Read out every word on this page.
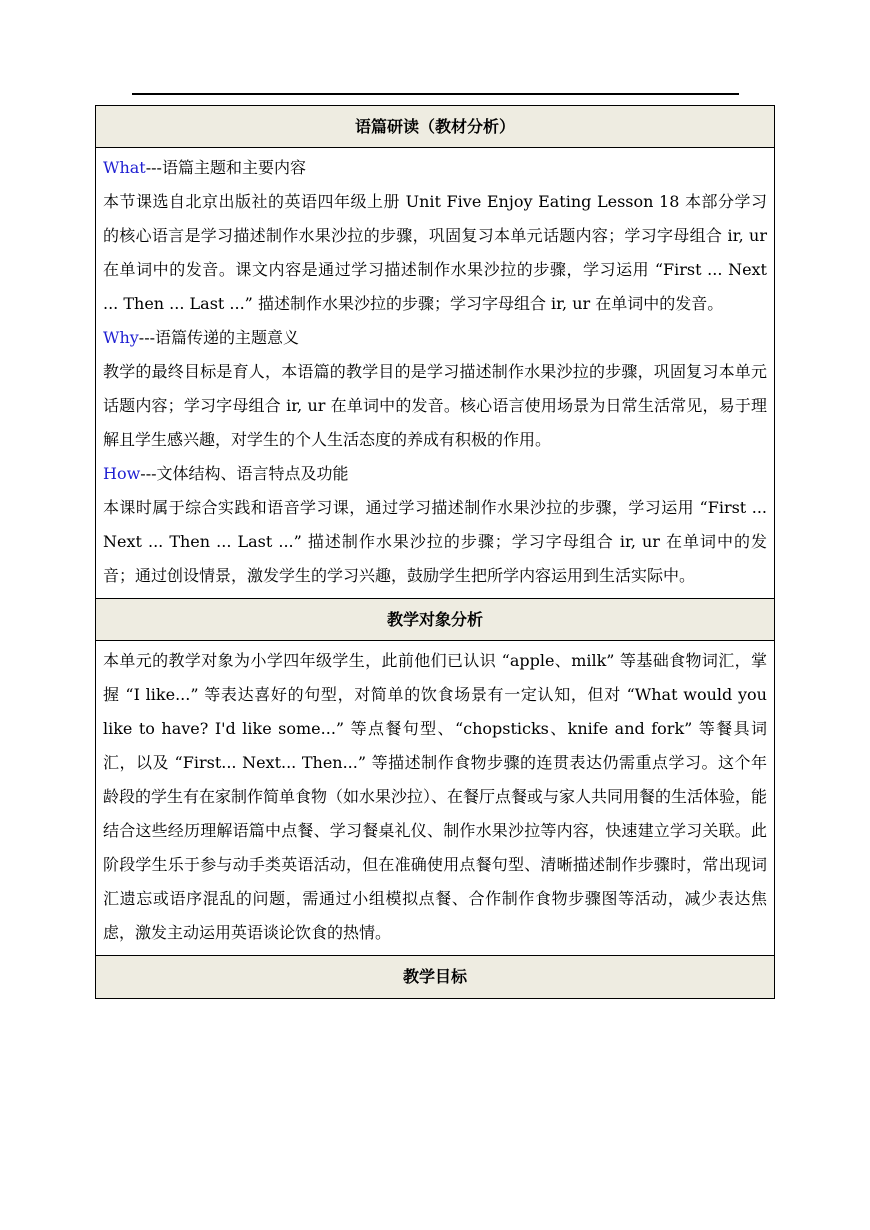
语篇研读（教材分析）

What---语篇主题和主要内容

本节课选自北京出版社的英语四年级上册 Unit Five Enjoy Eating Lesson 18 本部分学习的核心语言是学习描述制作水果沙拉的步骤，巩固复习本单元话题内容；学习字母组合 ir, ur 在单词中的发音。课文内容是通过学习描述制作水果沙拉的步骤，学习运用 “First ... Next ... Then ... Last ...” 描述制作水果沙拉的步骤；学习字母组合 ir, ur 在单词中的发音。

Why---语篇传递的主题意义

教学的最终目标是育人，本语篇的教学目的是学习描述制作水果沙拉的步骤，巩固复习本单元话题内容；学习字母组合 ir, ur 在单词中的发音。核心语言使用场景为日常生活常见，易于理解且学生感兴趣，对学生的个人生活态度的养成有积极的作用。

How---文体结构、语言特点及功能

本课时属于综合实践和语音学习课，通过学习描述制作水果沙拉的步骤，学习运用 “First ... Next ... Then ... Last ...” 描述制作水果沙拉的步骤；学习字母组合 ir, ur 在单词中的发音；通过创设情景，激发学生的学习兴趣，鼓励学生把所学内容运用到生活实际中。

教学对象分析

本单元的教学对象为小学四年级学生，此前他们已认识 “apple、milk” 等基础食物词汇，掌握 “I like...” 等表达喜好的句型，对简单的饮食场景有一定认知，但对 “What would you like to have? I'd like some...” 等点餐句型、“chopsticks、knife and fork” 等餐具词汇，以及 “First... Next... Then...” 等描述制作食物步骤的连贯表达仍需重点学习。这个年龄段的学生有在家制作简单食物（如水果沙拉）、在餐厅点餐或与家人共同用餐的生活体验，能结合这些经历理解语篇中点餐、学习餐桌礼仪、制作水果沙拉等内容，快速建立学习关联。此阶段学生乐于参与动手类英语活动，但在准确使用点餐句型、清晰描述制作步骤时，常出现词汇遗忘或语序混乱的问题，需通过小组模拟点餐、合作制作食物步骤图等活动，减少表达焦虑，激发主动运用英语谈论饮食的热情。

教学目标
